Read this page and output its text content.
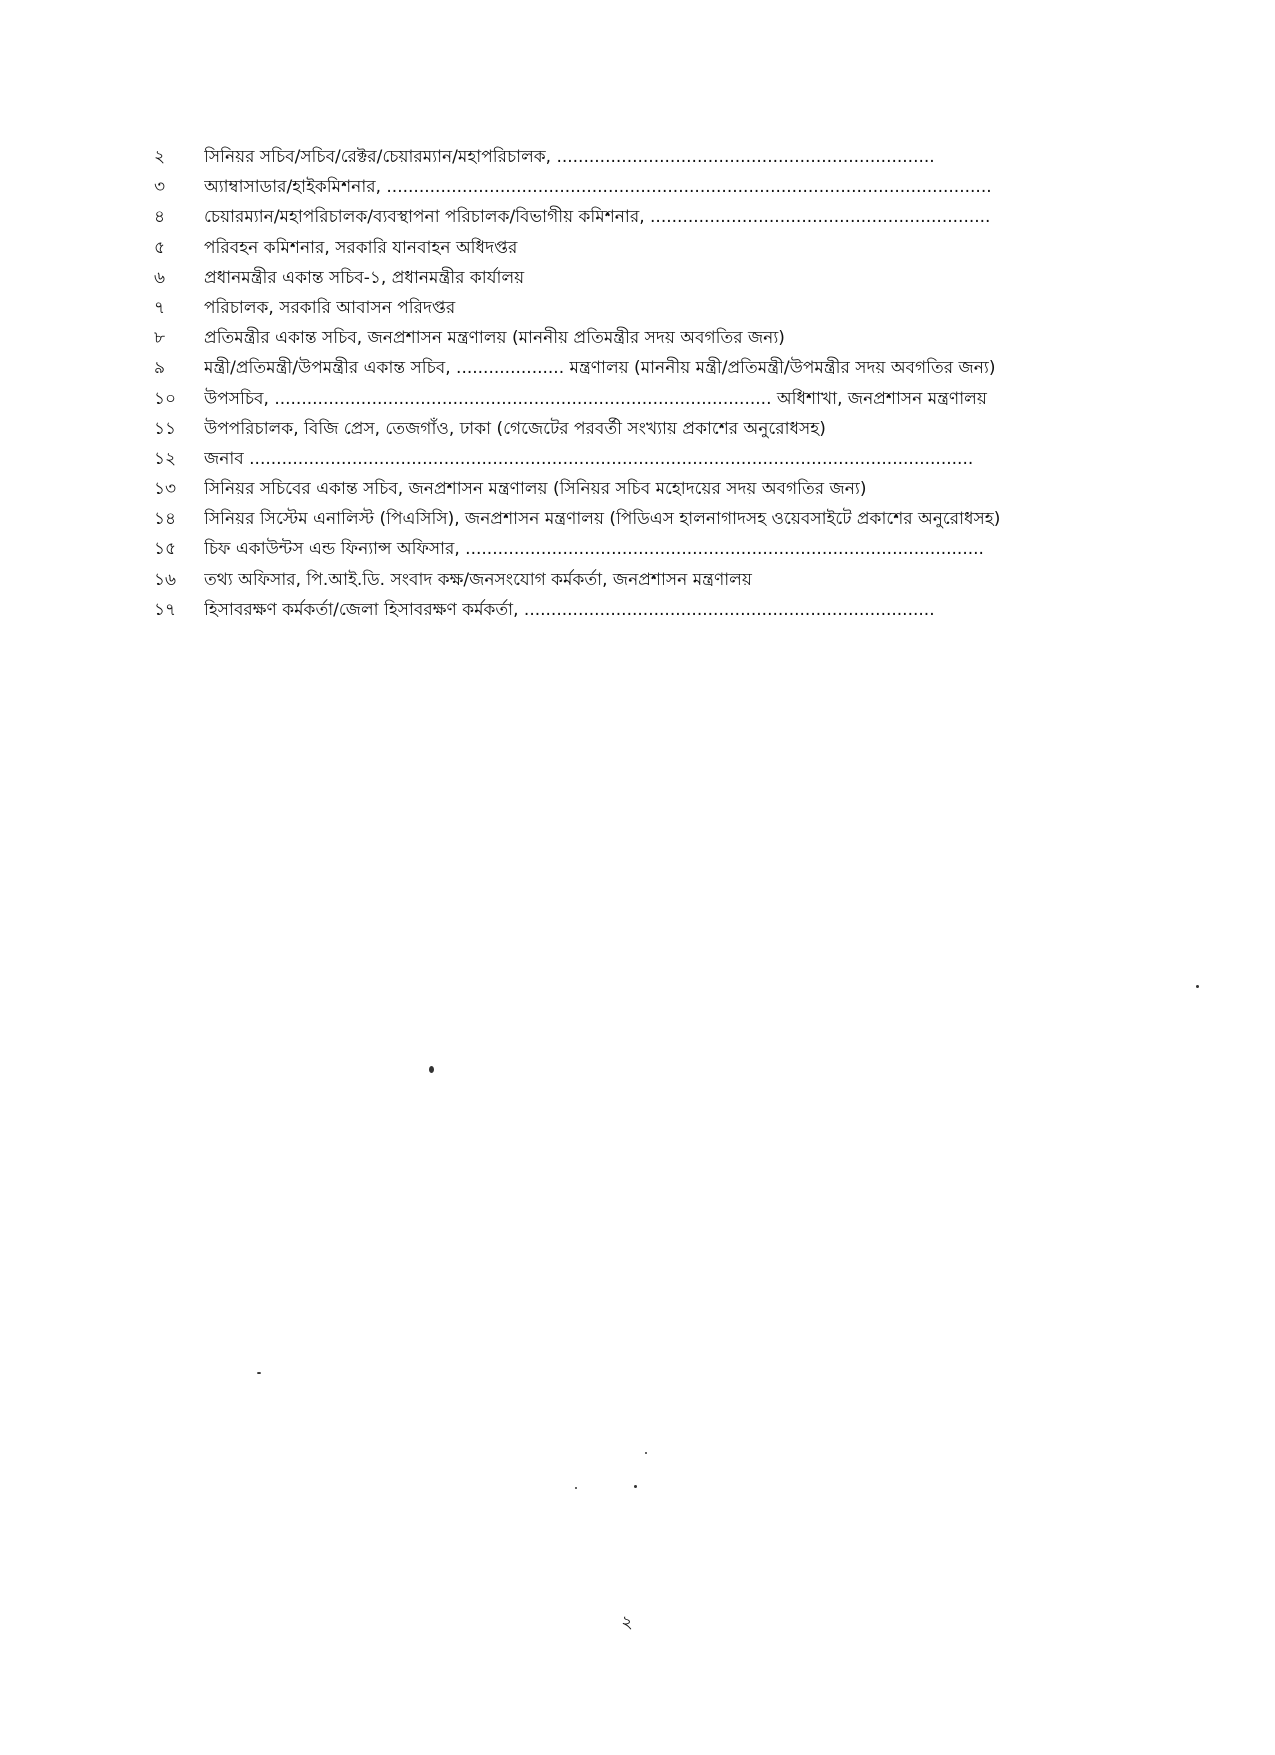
২	সিনিয়র সচিব/সচিব/রেক্টর/চেয়ারম্যান/মহাপরিচালক, ......................................................................
৩	অ্যাম্বাসাডার/হাইকমিশনার, ................................................................................................................
৪	চেয়ারম্যান/মহাপরিচালক/ব্যবস্থাপনা পরিচালক/বিভাগীয় কমিশনার, ...............................................................
৫	পরিবহন কমিশনার, সরকারি যানবাহন অধিদপ্তর
৬	প্রধানমন্ত্রীর একান্ত সচিব-১, প্রধানমন্ত্রীর কার্যালয়
৭	পরিচালক, সরকারি আবাসন পরিদপ্তর
৮	প্রতিমন্ত্রীর একান্ত সচিব, জনপ্রশাসন মন্ত্রণালয় (মাননীয় প্রতিমন্ত্রীর সদয় অবগতির জন্য)
৯	মন্ত্রী/প্রতিমন্ত্রী/উপমন্ত্রীর একান্ত সচিব, .................... মন্ত্রণালয় (মাননীয় মন্ত্রী/প্রতিমন্ত্রী/উপমন্ত্রীর সদয় অবগতির জন্য)
১০	উপসচিব, ............................................................................................ অধিশাখা, জনপ্রশাসন মন্ত্রণালয়
১১	উপপরিচালক, বিজি প্রেস, তেজগাঁও, ঢাকা (গেজেটের পরবর্তী সংখ্যায় প্রকাশের অনুরোধসহ)
১২	জনাব ......................................................................................................................................
১৩	সিনিয়র সচিবের একান্ত সচিব, জনপ্রশাসন মন্ত্রণালয় (সিনিয়র সচিব মহোদয়ের সদয় অবগতির জন্য)
১৪	সিনিয়র সিস্টেম এনালিস্ট (পিএসিসি), জনপ্রশাসন মন্ত্রণালয় (পিডিএস হালনাগাদসহ ওয়েবসাইটে প্রকাশের অনুরোধসহ)
১৫	চিফ একাউন্টস এন্ড ফিন্যান্স অফিসার, ................................................................................................
১৬	তথ্য অফিসার, পি.আই.ডি. সংবাদ কক্ষ/জনসংযোগ কর্মকর্তা, জনপ্রশাসন মন্ত্রণালয়
১৭	হিসাবরক্ষণ কর্মকর্তা/জেলা হিসাবরক্ষণ কর্মকর্তা, ............................................................................
২
